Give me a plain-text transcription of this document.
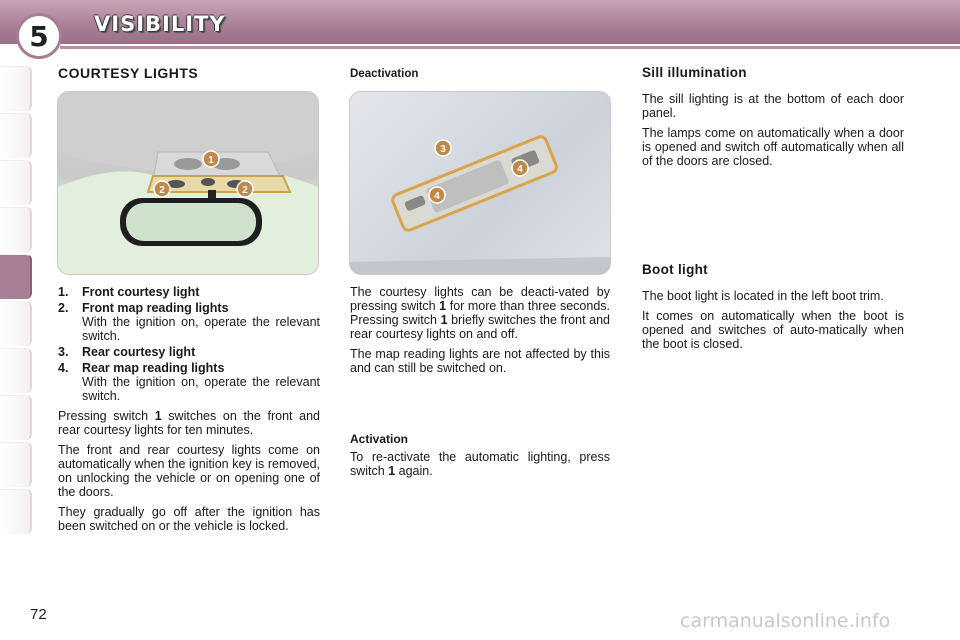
5 VISIBILITY
COURTESY LIGHTS
1
2	2
1. Front courtesy light
2. Front map reading lights
With the ignition on, operate the relevant switch.
3. Rear courtesy light
4. Rear map reading lights
With the ignition on, operate the relevant switch.

Pressing switch 1 switches on the front and rear courtesy lights for ten minutes.

The front and rear courtesy lights come on automatically when the ignition key is removed, on unlocking the vehicle or on opening one of the doors.

They gradually go off after the ignition has been switched on or the vehicle is locked.

Deactivation
3
4
4

The courtesy lights can be deacti-vated by pressing switch 1 for more than three seconds. Pressing switch 1 briefly switches the front and rear courtesy lights on and off.

The map reading lights are not affected by this and can still be switched on.

Activation

To re-activate the automatic lighting, press switch 1 again.

Sill illumination

The sill lighting is at the bottom of each door panel.

The lamps come on automatically when a door is opened and switch off automatically when all of the doors are closed.

Boot light

The boot light is located in the left boot trim.

It comes on automatically when the boot is opened and switches of auto-matically when the boot is closed.

72	carmanualsonline.info
